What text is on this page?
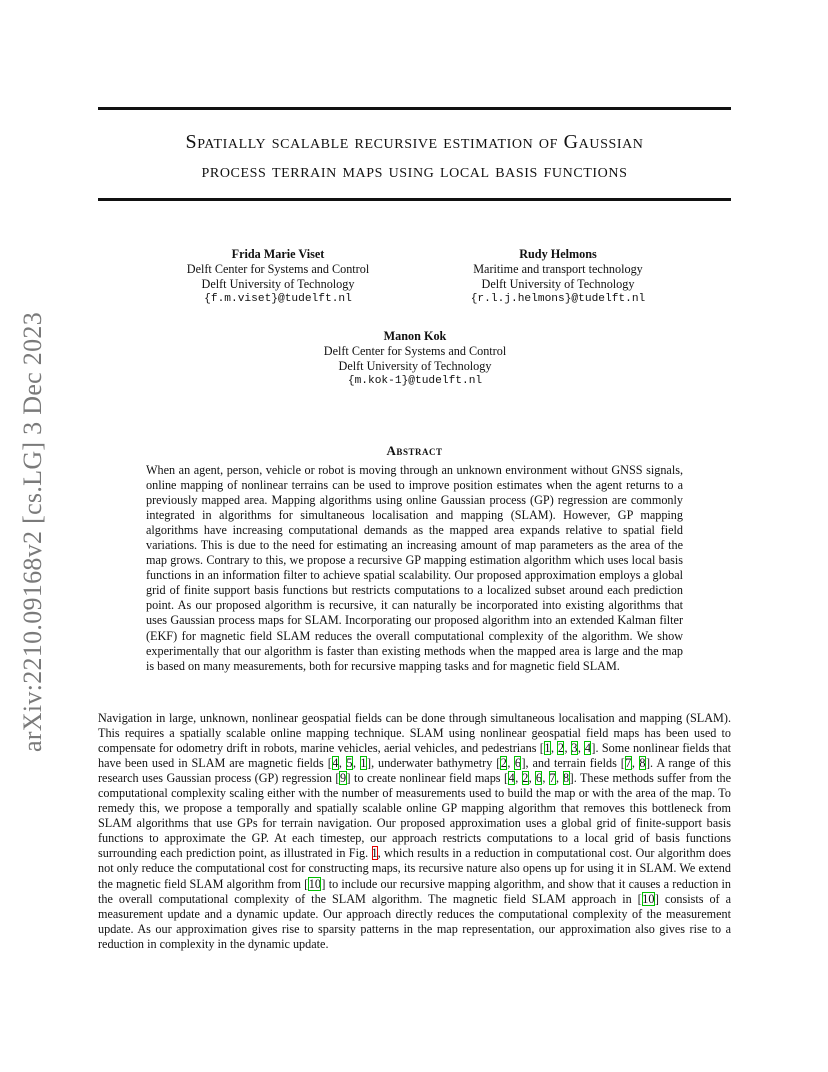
arXiv:2210.09168v2 [cs.LG] 3 Dec 2023
Spatially scalable recursive estimation of Gaussian
process terrain maps using local basis functions
Frida Marie Viset
Delft Center for Systems and Control
Delft University of Technology
{f.m.viset}@tudelft.nl
Rudy Helmons
Maritime and transport technology
Delft University of Technology
{r.l.j.helmons}@tudelft.nl
Manon Kok
Delft Center for Systems and Control
Delft University of Technology
{m.kok-1}@tudelft.nl
Abstract
When an agent, person, vehicle or robot is moving through an unknown environment without GNSS signals, online mapping of nonlinear terrains can be used to improve position estimates when the agent returns to a previously mapped area. Mapping algorithms using online Gaussian process (GP) regression are commonly integrated in algorithms for simultaneous localisation and mapping (SLAM). However, GP mapping algorithms have increasing computational demands as the mapped area expands relative to spatial field variations. This is due to the need for estimating an increasing amount of map parameters as the area of the map grows. Contrary to this, we propose a recursive GP mapping estimation algorithm which uses local basis functions in an information filter to achieve spatial scalability. Our proposed approximation employs a global grid of finite support basis functions but restricts computations to a localized subset around each prediction point. As our proposed algorithm is recursive, it can naturally be incorporated into existing algorithms that uses Gaussian process maps for SLAM. Incorporating our proposed algorithm into an extended Kalman filter (EKF) for magnetic field SLAM reduces the overall computational complexity of the algorithm. We show experimentally that our algorithm is faster than existing methods when the mapped area is large and the map is based on many measurements, both for recursive mapping tasks and for magnetic field SLAM.
Navigation in large, unknown, nonlinear geospatial fields can be done through simultaneous localisation and mapping (SLAM). This requires a spatially scalable online mapping technique. SLAM using nonlinear geospatial field maps has been used to compensate for odometry drift in robots, marine vehicles, aerial vehicles, and pedestrians [1, 2, 3, 4]. Some nonlinear fields that have been used in SLAM are magnetic fields [4, 5, 1], underwater bathymetry [2, 6], and terrain fields [7, 8]. A range of this research uses Gaussian process (GP) regression [9] to create nonlinear field maps [4, 2, 6, 7, 8]. These methods suffer from the computational complexity scaling either with the number of measurements used to build the map or with the area of the map. To remedy this, we propose a temporally and spatially scalable online GP mapping algorithm that removes this bottleneck from SLAM algorithms that use GPs for terrain navigation. Our proposed approximation uses a global grid of finite-support basis functions to approximate the GP. At each timestep, our approach restricts computations to a local grid of basis functions surrounding each prediction point, as illustrated in Fig. 1, which results in a reduction in computational cost. Our algorithm does not only reduce the computational cost for constructing maps, its recursive nature also opens up for using it in SLAM. We extend the magnetic field SLAM algorithm from [10] to include our recursive mapping algorithm, and show that it causes a reduction in the overall computational complexity of the SLAM algorithm. The magnetic field SLAM approach in [10] consists of a measurement update and a dynamic update. Our approach directly reduces the computational complexity of the measurement update. As our approximation gives rise to sparsity patterns in the map representation, our approximation also gives rise to a reduction in complexity in the dynamic update.
